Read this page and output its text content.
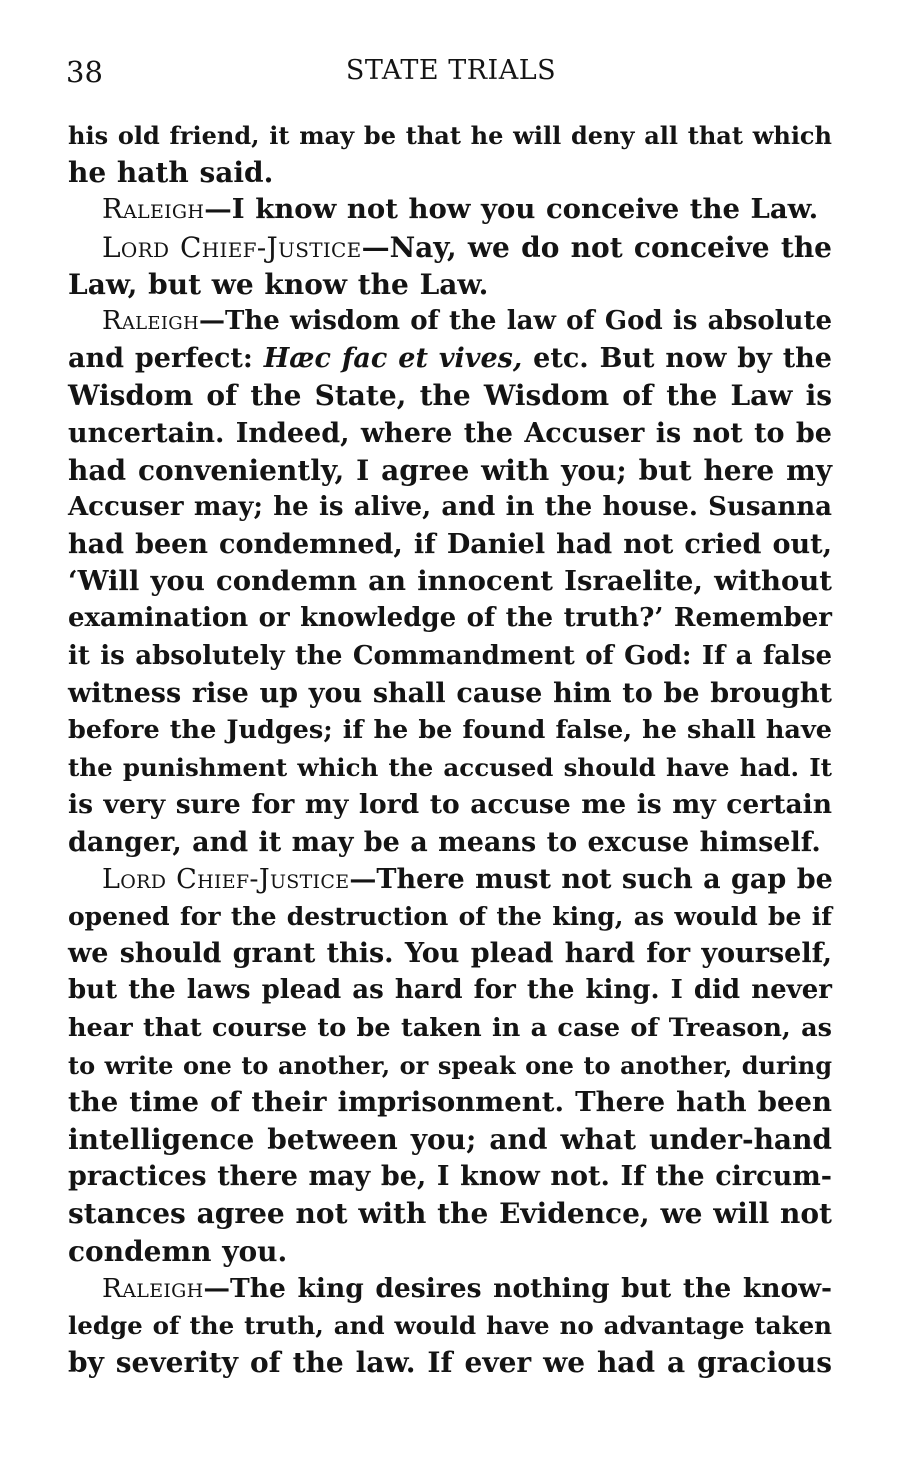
38	STATE TRIALS
his old friend, it may be that he will deny all that which
he hath said.
Raleigh—I know not how you conceive the Law.
Lord Chief-Justice—Nay, we do not conceive the
Law, but we know the Law.
Raleigh—The wisdom of the law of God is absolute
and perfect: Hæc fac et vives, etc. But now by the
Wisdom of the State, the Wisdom of the Law is
uncertain. Indeed, where the Accuser is not to be
had conveniently, I agree with you; but here my
Accuser may; he is alive, and in the house. Susanna
had been condemned, if Daniel had not cried out,
‘Will you condemn an innocent Israelite, without
examination or knowledge of the truth?’ Remember
it is absolutely the Commandment of God: If a false
witness rise up you shall cause him to be brought
before the Judges; if he be found false, he shall have
the punishment which the accused should have had. It
is very sure for my lord to accuse me is my certain
danger, and it may be a means to excuse himself.
Lord Chief-Justice—There must not such a gap be
opened for the destruction of the king, as would be if
we should grant this. You plead hard for yourself,
but the laws plead as hard for the king. I did never
hear that course to be taken in a case of Treason, as
to write one to another, or speak one to another, during
the time of their imprisonment. There hath been
intelligence between you; and what under-hand
practices there may be, I know not. If the circum-
stances agree not with the Evidence, we will not
condemn you.
Raleigh—The king desires nothing but the know-
ledge of the truth, and would have no advantage taken
by severity of the law. If ever we had a gracious
